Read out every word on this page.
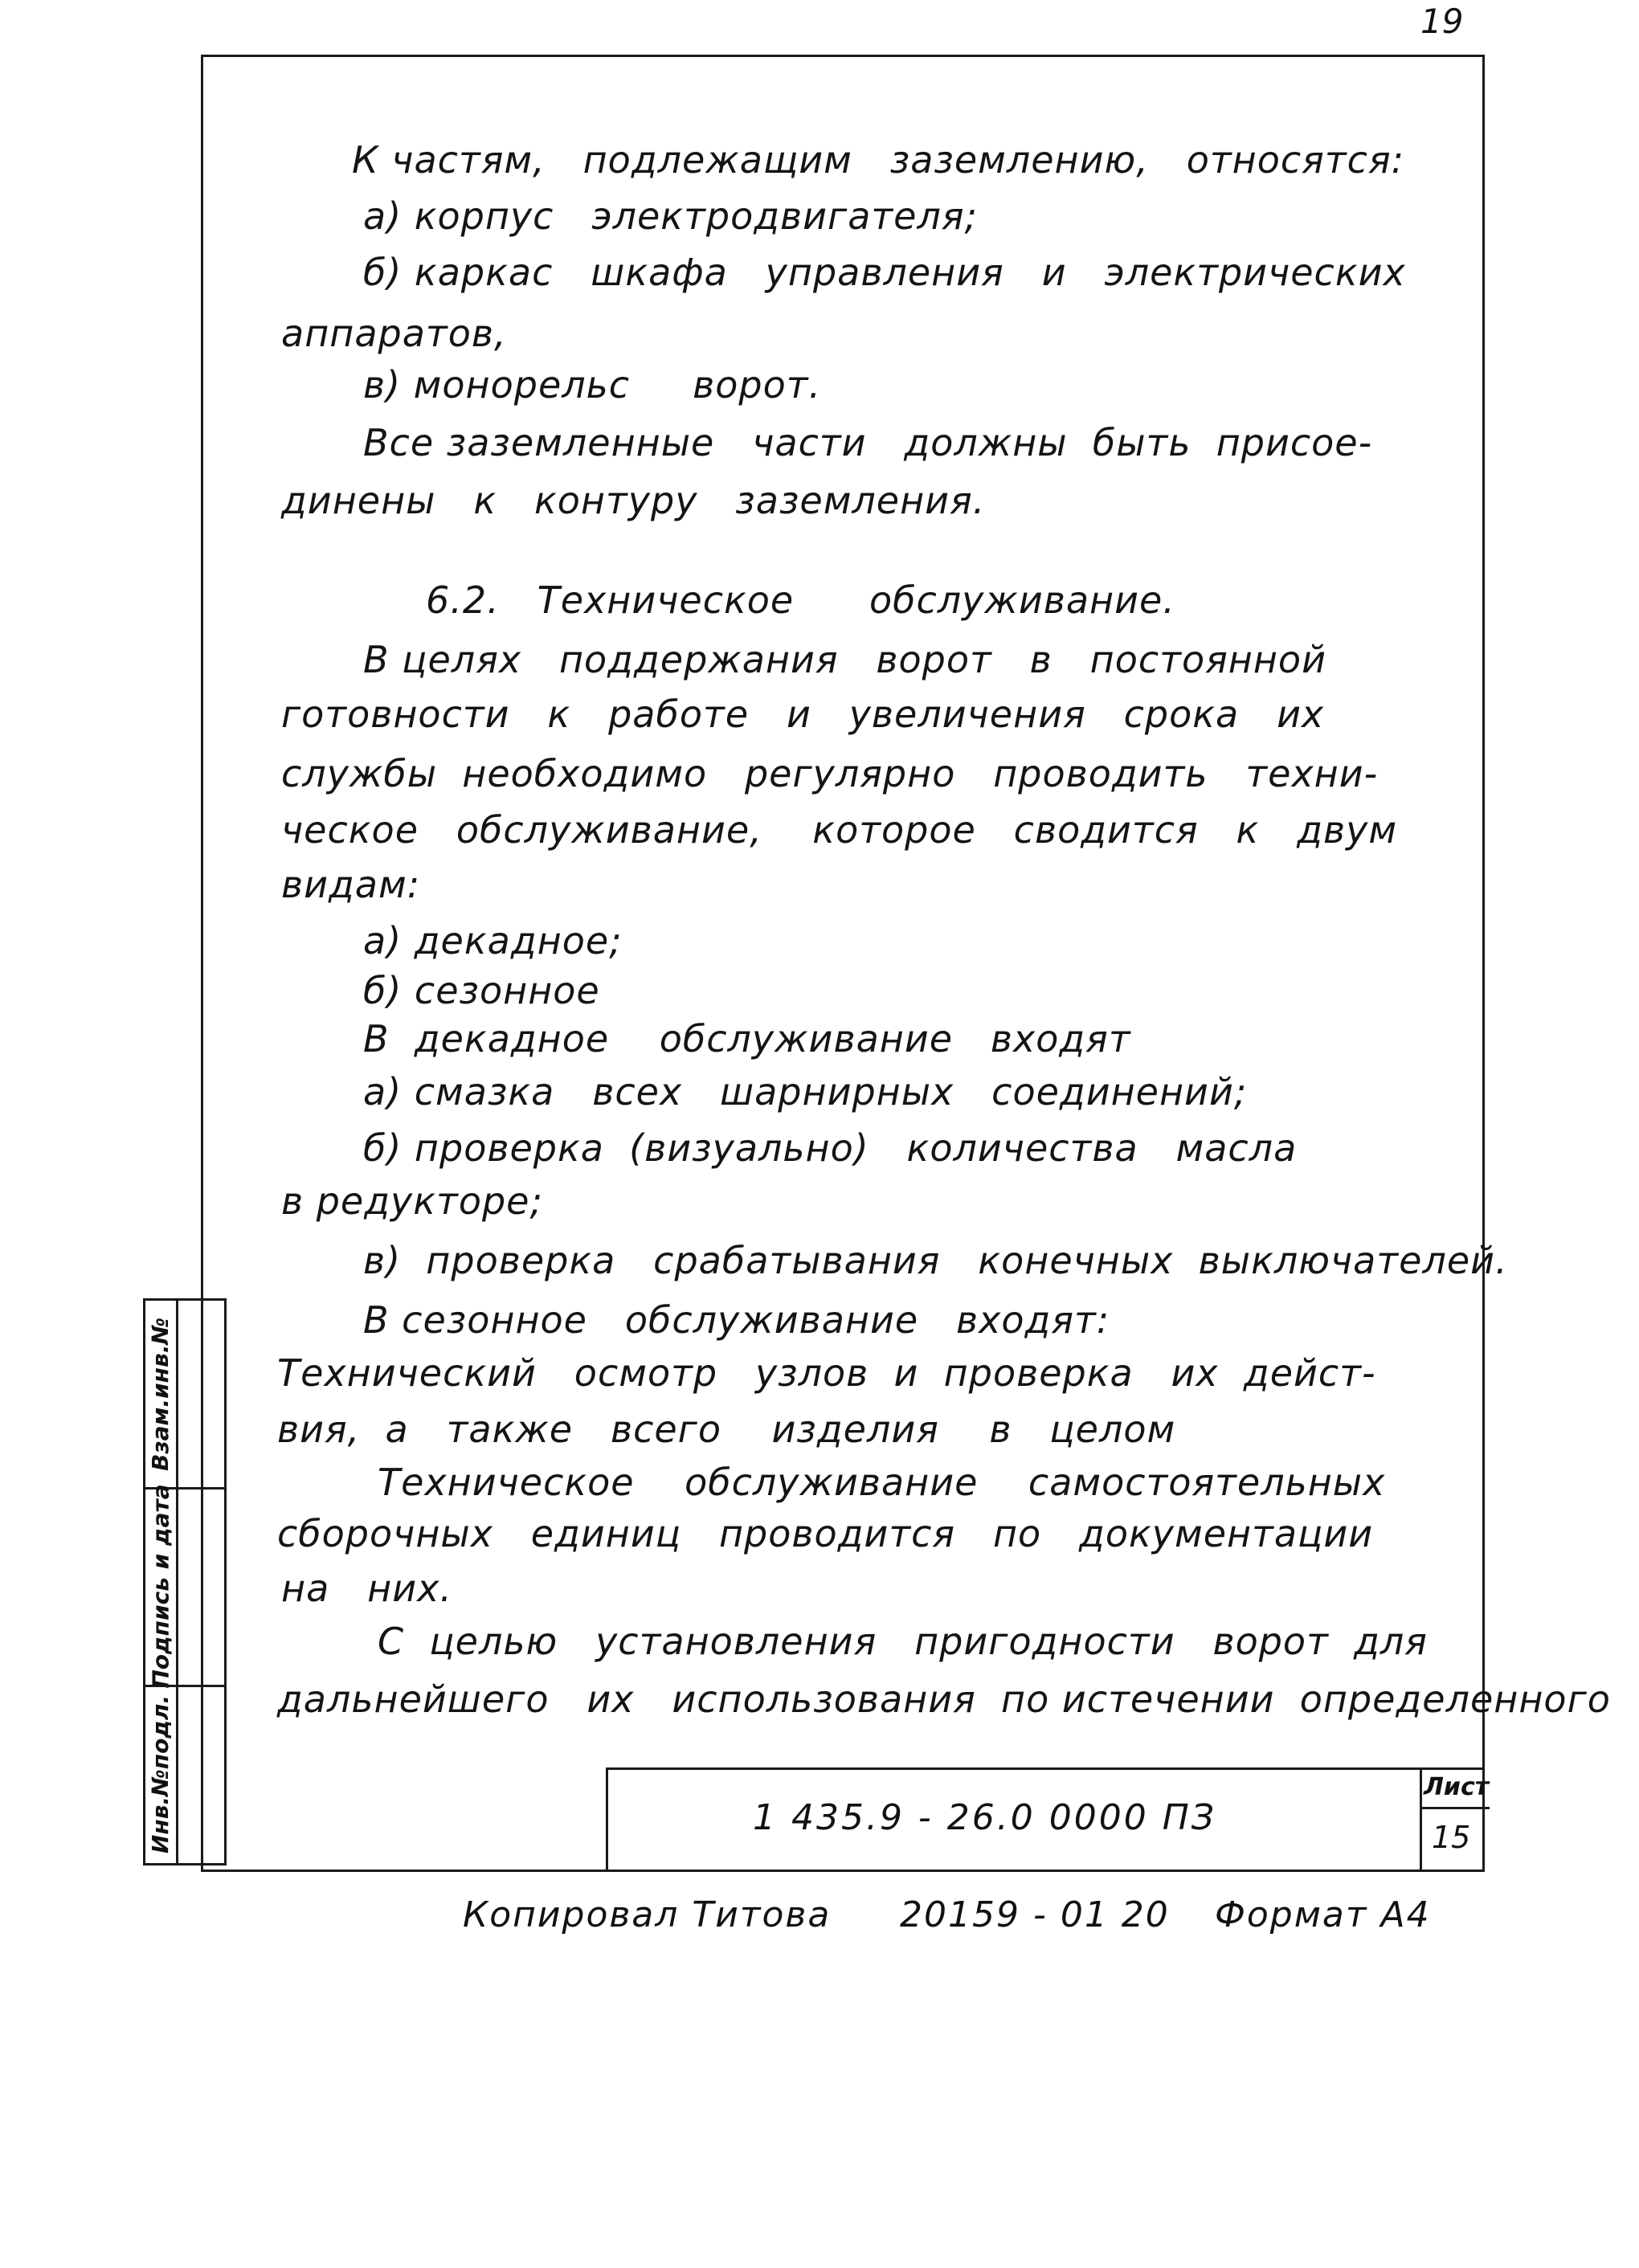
19
К частям,   подлежащим   заземлению,   относятся:
а) корпус   электродвигателя;
б) каркас   шкафа   управления   и   электрических
аппаратов,
в) монорельс     ворот.
Все заземленные   части   должны  быть  присое-
динены   к   контуру   заземления.
6.2.   Техническое      обслуживание.
В целях   поддержания   ворот   в   постоянной
готовности   к   работе   и   увеличения   срока   их
службы  необходимо   регулярно   проводить   техни-
ческое   обслуживание,    которое   сводится   к   двум
видам:
а) декадное;
б) сезонное
В  декадное    обслуживание   входят
а) смазка   всех   шарнирных   соединений;
б) проверка  (визуально)   количества   масла
в редукторе;
в)  проверка   срабатывания   конечных  выключателей.
В сезонное   обслуживание   входят:
Технический   осмотр   узлов  и  проверка   их  дейст-
вия,  а   также   всего    изделия    в   целом
Техническое    обслуживание    самостоятельных
сборочных   единиц   проводится   по   документации
на   них.
С  целью   установления   пригодности   ворот  для
дальнейшего   их   использования  по истечении  определенного
Взам.инв.№
Подпись и дата
Инв.№подл.	1 435.9 - 26.0 0000 ПЗ
Лист
15
Копировал Титова 20159 - 01 20 Формат А4
